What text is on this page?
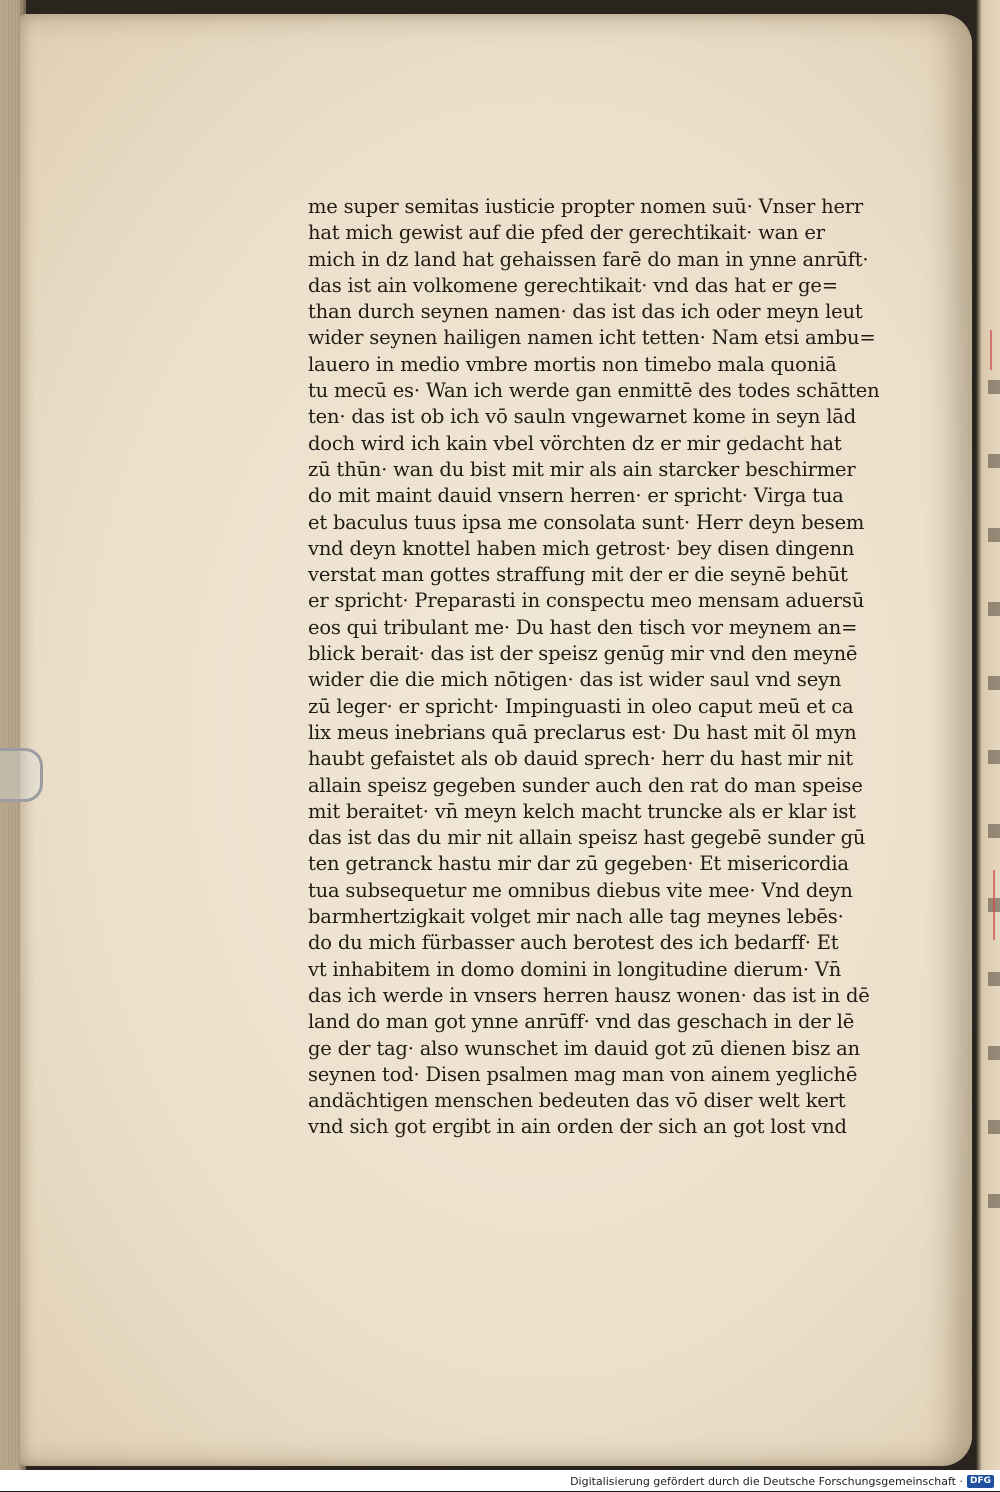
me super semitas iusticie propter nomen suū· Vnser herr
hat mich gewist auf die pfed der gerechtikait· wan er
mich in dz land hat gehaissen farē do man in ynne anrūft·
das ist ain volkomene gerechtikait· vnd das hat er ge=
than durch seynen namen· das ist das ich oder meyn leut
wider seynen hailigen namen icht tetten· Nam etsi ambu=
lauero in medio vmbre mortis non timebo mala quoniā
tu mecū es· Wan ich werde gan enmittē des todes schātten
ten· das ist ob ich vō sauln vngewarnet kome in seyn lād
doch wird ich kain vbel vörchten dz er mir gedacht hat
zū thūn· wan du bist mit mir als ain starcker beschirmer
do mit maint dauid vnsern herren· er spricht· Virga tua
et baculus tuus ipsa me consolata sunt· Herr deyn besem
vnd deyn knottel haben mich getrost· bey disen dingenn
verstat man gottes straffung mit der er die seynē behūt
er spricht· Preparasti in conspectu meo mensam aduersū
eos qui tribulant me· Du hast den tisch vor meynem an=
blick berait· das ist der speisz genūg mir vnd den meynē
wider die die mich nōtigen· das ist wider saul vnd seyn
zū leger· er spricht· Impinguasti in oleo caput meū et ca
lix meus inebrians quā preclarus est· Du hast mit ōl myn
haubt gefaistet als ob dauid sprech· herr du hast mir nit
allain speisz gegeben sunder auch den rat do man speise
mit beraitet· vn̄ meyn kelch macht truncke als er klar ist
das ist das du mir nit allain speisz hast gegebē sunder gū
ten getranck hastu mir dar zū gegeben· Et misericordia
tua subsequetur me omnibus diebus vite mee· Vnd deyn
barmhertzigkait volget mir nach alle tag meynes lebēs·
do du mich fürbasser auch berotest des ich bedarff· Et
vt inhabitem in domo domini in longitudine dierum· Vn̄
das ich werde in vnsers herren hausz wonen· das ist in dē
land do man got ynne anrūff· vnd das geschach in der lē
ge der tag· also wunschet im dauid got zū dienen bisz an
seynen tod· Disen psalmen mag man von ainem yeglichē
andächtigen menschen bedeuten das vō diser welt kert
vnd sich got ergibt in ain orden der sich an got lost vnd
Digitalisierung gefördert durch die Deutsche Forschungsgemeinschaft · DFG
